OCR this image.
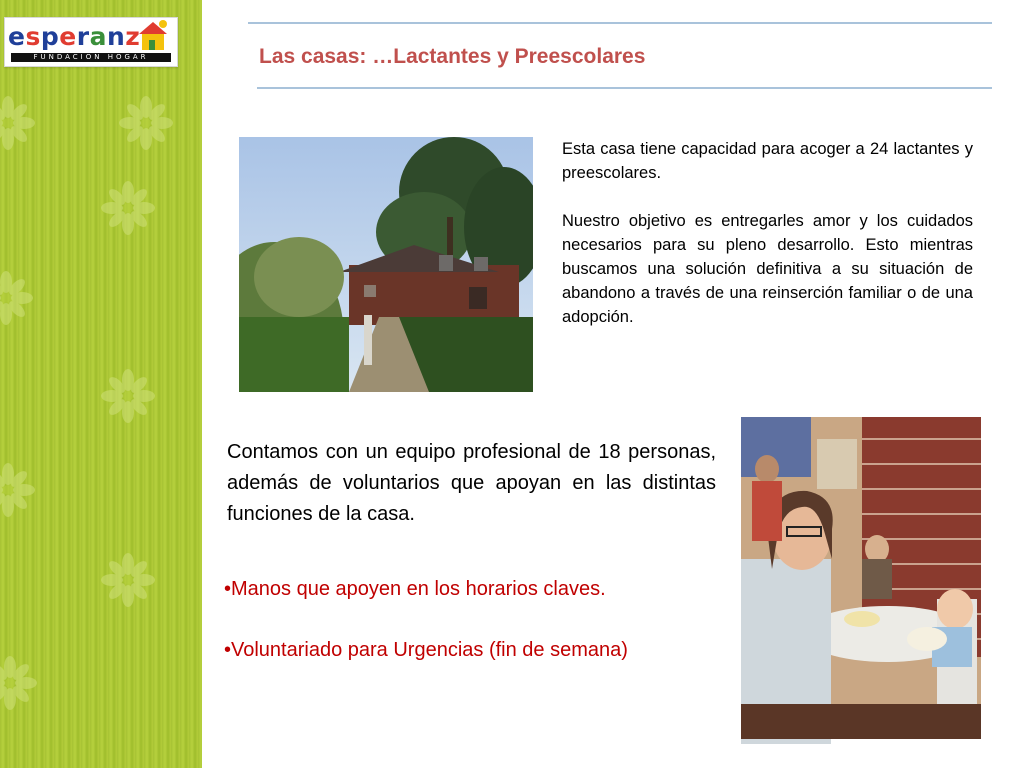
esperanz
FUNDACION HOGAR	Las casas: …Lactantes y Preescolares

Esta casa tiene capacidad para acoger a 24 lactantes y preescolares.

Nuestro objetivo es entregarles amor y los cuidados necesarios para su pleno desarrollo. Esto mientras buscamos una solución definitiva a su situación de abandono a través de una reinserción familiar o de una adopción.

Contamos con un equipo profesional de 18 personas, además de voluntarios que apoyan en las distintas funciones de la casa.
•Manos que apoyen en los horarios claves.
•Voluntariado para Urgencias (fin de semana)
